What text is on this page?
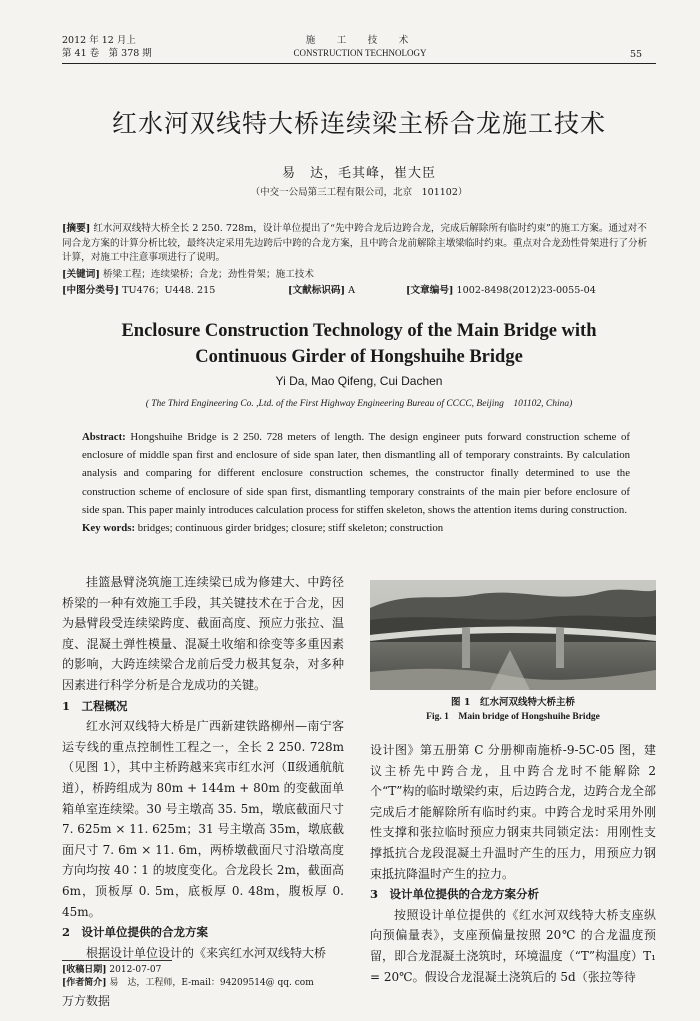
2012 年 12 月上
第 41 卷　第 378 期
施　工　技　术
CONSTRUCTION TECHNOLOGY	55
红水河双线特大桥连续梁主桥合龙施工技术
易　达，毛其峰，崔大臣
（中交一公局第三工程有限公司，北京　101102）
[摘要] 红水河双线特大桥全长 2 250. 728m，设计单位提出了“先中跨合龙后边跨合龙，完成后解除所有临时约束”的施工方案。通过对不同合龙方案的计算分析比较，最终决定采用先边跨后中跨的合龙方案，且中跨合龙前解除主墩梁临时约束。重点对合龙劲性骨架进行了分析计算，对施工中注意事项进行了说明。
[关键词] 桥梁工程；连续梁桥；合龙；劲性骨架；施工技术
[中图分类号] TU476；U448. 215	[文献标识码] A	[文章编号] 1002-8498(2012)23-0055-04
Enclosure Construction Technology of the Main Bridge with
Continuous Girder of Hongshuihe Bridge
Yi Da, Mao Qifeng, Cui Dachen
( The Third Engineering Co. ,Ltd. of the First Highway Engineering Bureau of CCCC, Beijing　101102, China)
Abstract: Hongshuihe Bridge is 2 250. 728 meters of length. The design engineer puts forward construction scheme of enclosure of middle span first and enclosure of side span later, then dismantling all of temporary constraints. By calculation analysis and comparing for different enclosure construction schemes, the constructor finally determined to use the construction scheme of enclosure of side span first, dismantling temporary constraints of the main pier before enclosure of side span. This paper mainly introduces calculation process for stiffen skeleton, shows the attention items during construction.
Key words: bridges; continuous girder bridges; closure; stiff skeleton; construction

挂篮悬臂浇筑施工连续梁已成为修建大、中跨径桥梁的一种有效施工手段，其关键技术在于合龙，因为悬臂段受连续梁跨度、截面高度、预应力张拉、温度、混凝土弹性模量、混凝土收缩和徐变等多重因素的影响，大跨连续梁合龙前后受力极其复杂，对多种因素进行科学分析是合龙成功的关键。

1　工程概况

红水河双线特大桥是广西新建铁路柳州—南宁客运专线的重点控制性工程之一，全长 2 250. 728m（见图 1），其中主桥跨越来宾市红水河（Ⅱ级通航航道），桥跨组成为 80m + 144m + 80m 的变截面单箱单室连续梁。30 号主墩高 35. 5m，墩底截面尺寸 7. 625m × 11. 625m；31 号主墩高 35m，墩底截面尺寸 7. 6m × 11. 6m，两桥墩截面尺寸沿墩高度方向均按 40∶1 的坡度变化。合龙段长 2m，截面高 6m，顶板厚 0. 5m，底板厚 0. 48m，腹板厚 0. 45m。

2　设计单位提供的合龙方案

根据设计单位设计的《来宾红水河双线特大桥

图 1　红水河双线特大桥主桥
Fig. 1　Main bridge of Hongshuihe Bridge

设计图》第五册第 C 分册柳南施桥-9-5C-05 图，建议主桥先中跨合龙，且中跨合龙时不能解除 2 个“T”构的临时墩梁约束，后边跨合龙，边跨合龙全部完成后才能解除所有临时约束。中跨合龙时采用外刚性支撑和张拉临时预应力钢束共同锁定法：用刚性支撑抵抗合龙段混凝土升温时产生的压力，用预应力钢束抵抗降温时产生的拉力。

3　设计单位提供的合龙方案分析

按照设计单位提供的《红水河双线特大桥支座纵向预偏量表》，支座预偏量按照 20℃ 的合龙温度预留，即合龙混凝土浇筑时，环境温度（“T”构温度）T₁ = 20℃。假设合龙混凝土浇筑后的 5d（张拉等待

[收稿日期] 2012-07-07
[作者简介] 易　达，工程师，E-mail：94209514@ qq. com
万方数据
